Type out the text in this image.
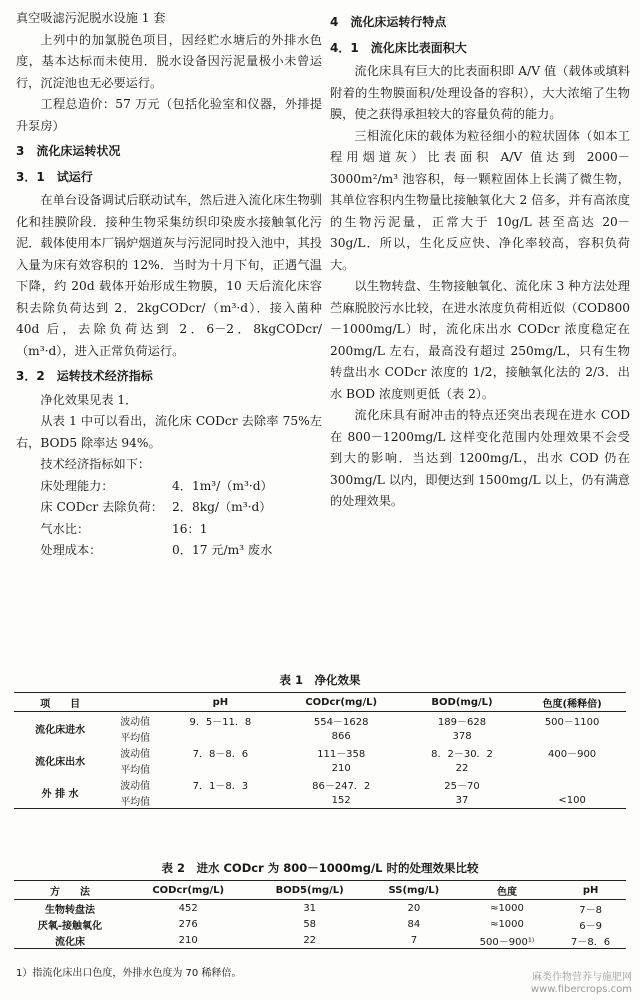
真空吸滤污泥脱水设施 1 套

上列中的加氯脱色项目，因经贮水塘后的外排水色度，基本达标而未使用．脱水设备因污泥量极小未曾运行，沉淀池也无必要运行。

工程总造价：57 万元（包括化验室和仪器，外排提升泵房）

3　流化床运转状况
3．1　试运行

在单台设备调试后联动试车，然后进入流化床生物驯化和挂膜阶段．接种生物采集纺织印染废水接触氧化污泥．载体使用本厂锅炉烟道灰与污泥同时投入池中，其投入量为床有效容积的 12%．当时为十月下旬，正遇气温下降，约 20d 载体开始形成生物膜，10 天后流化床容积去除负荷达到 2．2kgCODcr/（m³·d）．接入菌种 40d 后，去除负荷达到 2．6－2．8kgCODcr/（m³·d），进入正常负荷运行。

3．2　运转技术经济指标

净化效果见表 1．

从表 1 中可以看出，流化床 CODcr 去除率 75%左右，BOD5 除率达 94%。

技术经济指标如下：

床处理能力：	4．1m³/（m³·d）
床 CODcr 去除负荷： 2．8kg/（m³·d）
气水比：	16：1
处理成本：	0．17 元/m³ 废水
4　流化床运转行特点
4．1　流化床比表面积大

流化床具有巨大的比表面积即 A/V 值（载体或填料附着的生物膜面积/处理设备的容积），大大浓缩了生物膜，使之获得承担较大的容量负荷的能力。

三相流化床的载体为粒径细小的粒状固体（如本工程用烟道灰）比表面积 A/V 值达到 2000－3000m²/m³ 池容积，每一颗粒固体上长满了微生物，其单位容积内生物量比接触氧化大 2 倍多，并有高浓度的生物污泥量，正常大于 10g/L 甚至高达 20－30g/L．所以，生化反应快、净化率较高，容积负荷大。

以生物转盘、生物接触氧化、流化床 3 种方法处理苎麻脱胶污水比较，在进水浓度负荷相近似（COD800－1000mg/L）时，流化床出水 CODcr 浓度稳定在 200mg/L 左右，最高没有超过 250mg/L，只有生物转盘出水 CODcr 浓度的 1/2，接触氧化法的 2/3．出水 BOD 浓度则更低（表 2）。

流化床具有耐冲击的特点还突出表现在进水 COD 在 800－1200mg/L 这样变化范围内处理效果不会受到大的影响．当达到 1200mg/L，出水 COD 仍在 300mg/L 以内，即便达到 1500mg/L 以上，仍有满意的处理效果。

表 1　净化效果
项　　目		pH	CODcr(mg/L)	BOD(mg/L)	色度(稀释倍)
流化床进水	波动值	9．5－11．8	554－1628	189－628	500－1100
	平均值		866	378	
流化床出水	波动值	7．8－8．6	111－358	8．2－30．2	400－900
	平均值		210	22	
外 排 水	波动值	7．1－8．3	86－247．2	25－70	
	平均值		152	37	<100
表 2　进水 CODcr 为 800－1000mg/L 时的处理效果比较
方　　法	CODcr(mg/L)	BOD5(mg/L)	SS(mg/L)	色度	pH
生物转盘法	452	31	20	≈1000	7－8
厌氧-接触氧化	276	58	84	≈1000	6－9
流化床	210	22	7	500－900¹⁾	7－8．6
1）指流化床出口色度，外排水色度为 70 稀释倍。	麻类作物营养与施肥网
www.fibercrops.com
